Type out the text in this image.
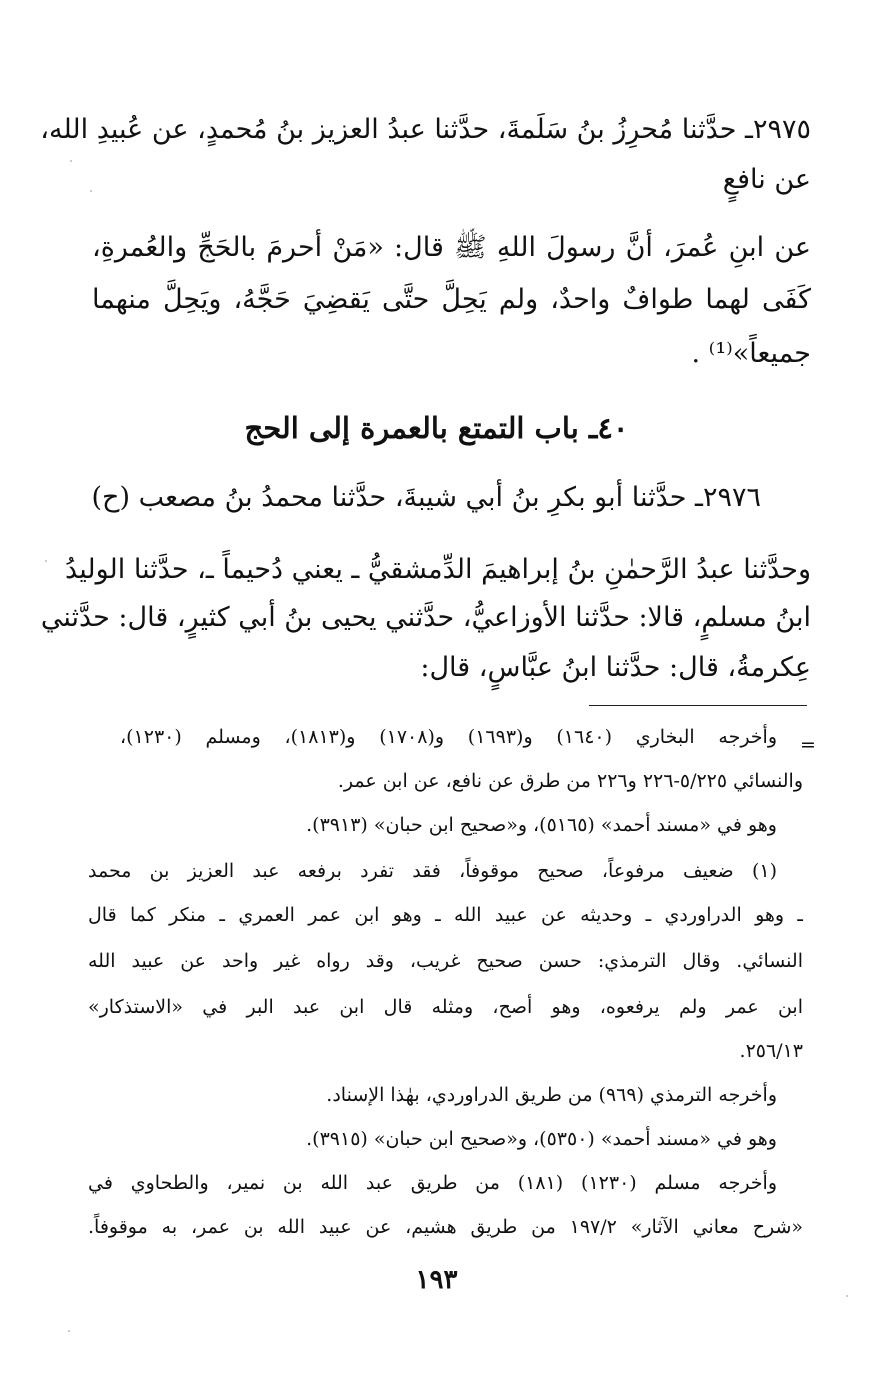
٢٩٧٥ـ حدَّثنا مُحرِزُ بنُ سَلَمةَ، حدَّثنا عبدُ العزيز بنُ مُحمدٍ، عن عُبيدِ الله،
عن نافعٍ
عن ابنِ عُمرَ، أنَّ رسولَ اللهِ ﷺ قال: «مَنْ أحرمَ بالحَجِّ والعُمرةِ،
كَفَى لهما طوافٌ واحدٌ، ولم يَحِلَّ حتَّى يَقضِيَ حَجَّهُ، ويَحِلَّ منهما
جميعاً»⁽¹⁾ .
٤٠ـ باب التمتع بالعمرة إلى الحج
٢٩٧٦ـ حدَّثنا أبو بكرِ بنُ أبي شيبةَ، حدَّثنا محمدُ بنُ مصعب (ح)
وحدَّثنا عبدُ الرَّحمٰنِ بنُ إبراهيمَ الدِّمشقيُّ ـ يعني دُحيماً ـ، حدَّثنا الوليدُ
ابنُ مسلمٍ، قالا: حدَّثنا الأوزاعيُّ، حدَّثني يحيى بنُ أبي كثيرٍ، قال: حدَّثني
عِكرمةُ، قال: حدَّثنا ابنُ عبَّاسٍ، قال:
=
وأخرجه البخاري (١٦٤٠) و(١٦٩٣) و(١٧٠٨) و(١٨١٣)، ومسلم (١٢٣٠)،
والنسائي ٥/٢٢٥-٢٢٦ و٢٢٦ من طرق عن نافع، عن ابن عمر.
وهو في «مسند أحمد» (٥١٦٥)، و«صحيح ابن حبان» (٣٩١٣).
(١) ضعيف مرفوعاً، صحيح موقوفاً، فقد تفرد برفعه عبد العزيز بن محمد
ـ وهو الدراوردي ـ وحديثه عن عبيد الله ـ وهو ابن عمر العمري ـ منكر كما قال
النسائي. وقال الترمذي: حسن صحيح غريب، وقد رواه غير واحد عن عبيد الله
ابن عمر ولم يرفعوه، وهو أصح، ومثله قال ابن عبد البر في «الاستذكار»
٢٥٦/١٣.
وأخرجه الترمذي (٩٦٩) من طريق الدراوردي، بهٰذا الإسناد.
وهو في «مسند أحمد» (٥٣٥٠)، و«صحيح ابن حبان» (٣٩١٥).
وأخرجه مسلم (١٢٣٠) (١٨١) من طريق عبد الله بن نمير، والطحاوي في
«شرح معاني الآثار» ١٩٧/٢ من طريق هشيم، عن عبيد الله بن عمر، به موقوفاً.
١٩٣
